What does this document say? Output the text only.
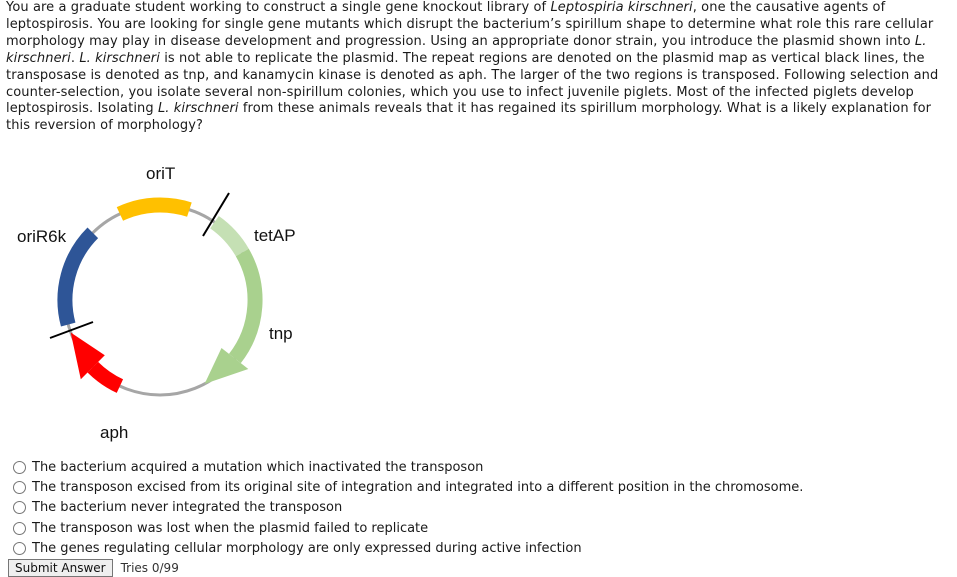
You are a graduate student working to construct a single gene knockout library of Leptospiria kirschneri, one the causative agents of leptospirosis. You are looking for single gene mutants which disrupt the bacterium’s spirillum shape to determine what role this rare cellular morphology may play in disease development and progression. Using an appropriate donor strain, you introduce the plasmid shown into L. kirschneri. L. kirschneri is not able to replicate the plasmid. The repeat regions are denoted on the plasmid map as vertical black lines, the transposase is denoted as tnp, and kanamycin kinase is denoted as aph. The larger of the two regions is transposed. Following selection and counter-selection, you isolate several non-spirillum colonies, which you use to infect juvenile piglets. Most of the infected piglets develop leptospirosis. Isolating L. kirschneri from these animals reveals that it has regained its spirillum morphology. What is a likely explanation for this reversion of morphology?
oriT
oriR6k	tetAP
tnp
aph
The bacterium acquired a mutation which inactivated the transposon
The transposon excised from its original site of integration and integrated into a different position in the chromosome.
The bacterium never integrated the transposon
The transposon was lost when the plasmid failed to replicate
The genes regulating cellular morphology are only expressed during active infection
Submit Answer	Tries 0/99
